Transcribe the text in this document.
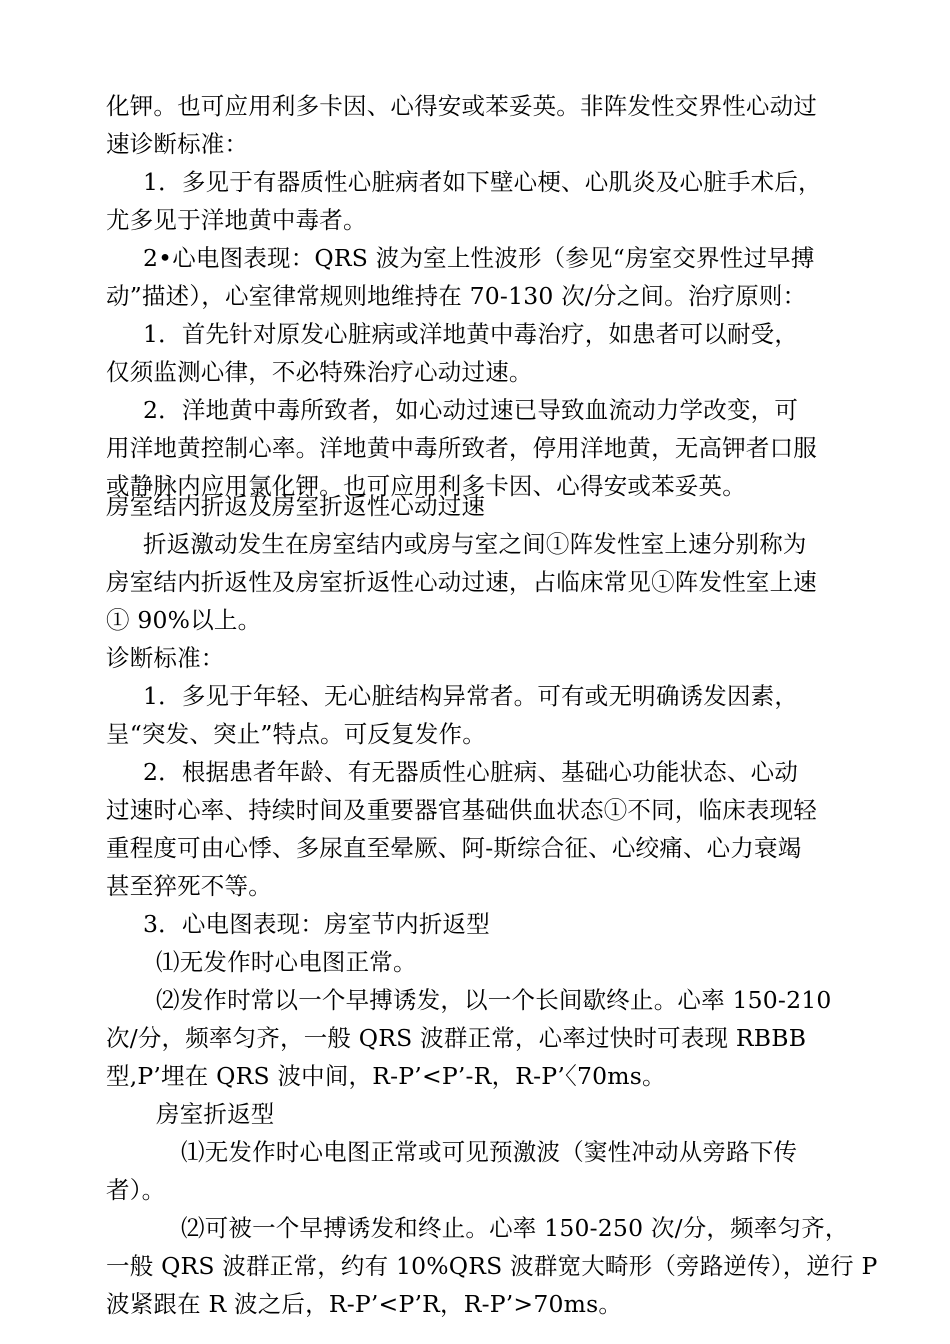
化钾。也可应用利多卡因、心得安或苯妥英。非阵发性交界性心动过
速诊断标准：
1．多见于有器质性心脏病者如下壁心梗、心肌炎及心脏手术后，
尤多见于洋地黄中毒者。
2•心电图表现：QRS 波为室上性波形（参见“房室交界性过早搏
动”描述），心室律常规则地维持在 70-130 次/分之间。治疗原则：
1．首先针对原发心脏病或洋地黄中毒治疗，如患者可以耐受，
仅须监测心律，不必特殊治疗心动过速。
2．洋地黄中毒所致者，如心动过速已导致血流动力学改变，可
用洋地黄控制心率。洋地黄中毒所致者，停用洋地黄，无高钾者口服
或静脉内应用氯化钾。也可应用利多卡因、心得安或苯妥英。
房室结内折返及房室折返性心动过速
折返激动发生在房室结内或房与室之间①阵发性室上速分别称为
房室结内折返性及房室折返性心动过速，占临床常见①阵发性室上速
① 90%以上。
诊断标准：
1．多见于年轻、无心脏结构异常者。可有或无明确诱发因素，
呈“突发、突止”特点。可反复发作。
2．根据患者年龄、有无器质性心脏病、基础心功能状态、心动
过速时心率、持续时间及重要器官基础供血状态①不同，临床表现轻
重程度可由心悸、多尿直至晕厥、阿-斯综合征、心绞痛、心力衰竭
甚至猝死不等。
3．心电图表现：房室节内折返型
⑴无发作时心电图正常。
⑵发作时常以一个早搏诱发，以一个长间歇终止。心率 150-210
次/分，频率匀齐，一般 QRS 波群正常，心率过快时可表现 RBBB
型,P’埋在 QRS 波中间，R-P’<P’-R，R-P’〈70ms。
房室折返型
⑴无发作时心电图正常或可见预激波（窦性冲动从旁路下传
者）。
⑵可被一个早搏诱发和终止。心率 150-250 次/分，频率匀齐，
一般 QRS 波群正常，约有 10%QRS 波群宽大畸形（旁路逆传），逆行 P
波紧跟在 R 波之后，R-P’<P’R，R-P’>70ms。
